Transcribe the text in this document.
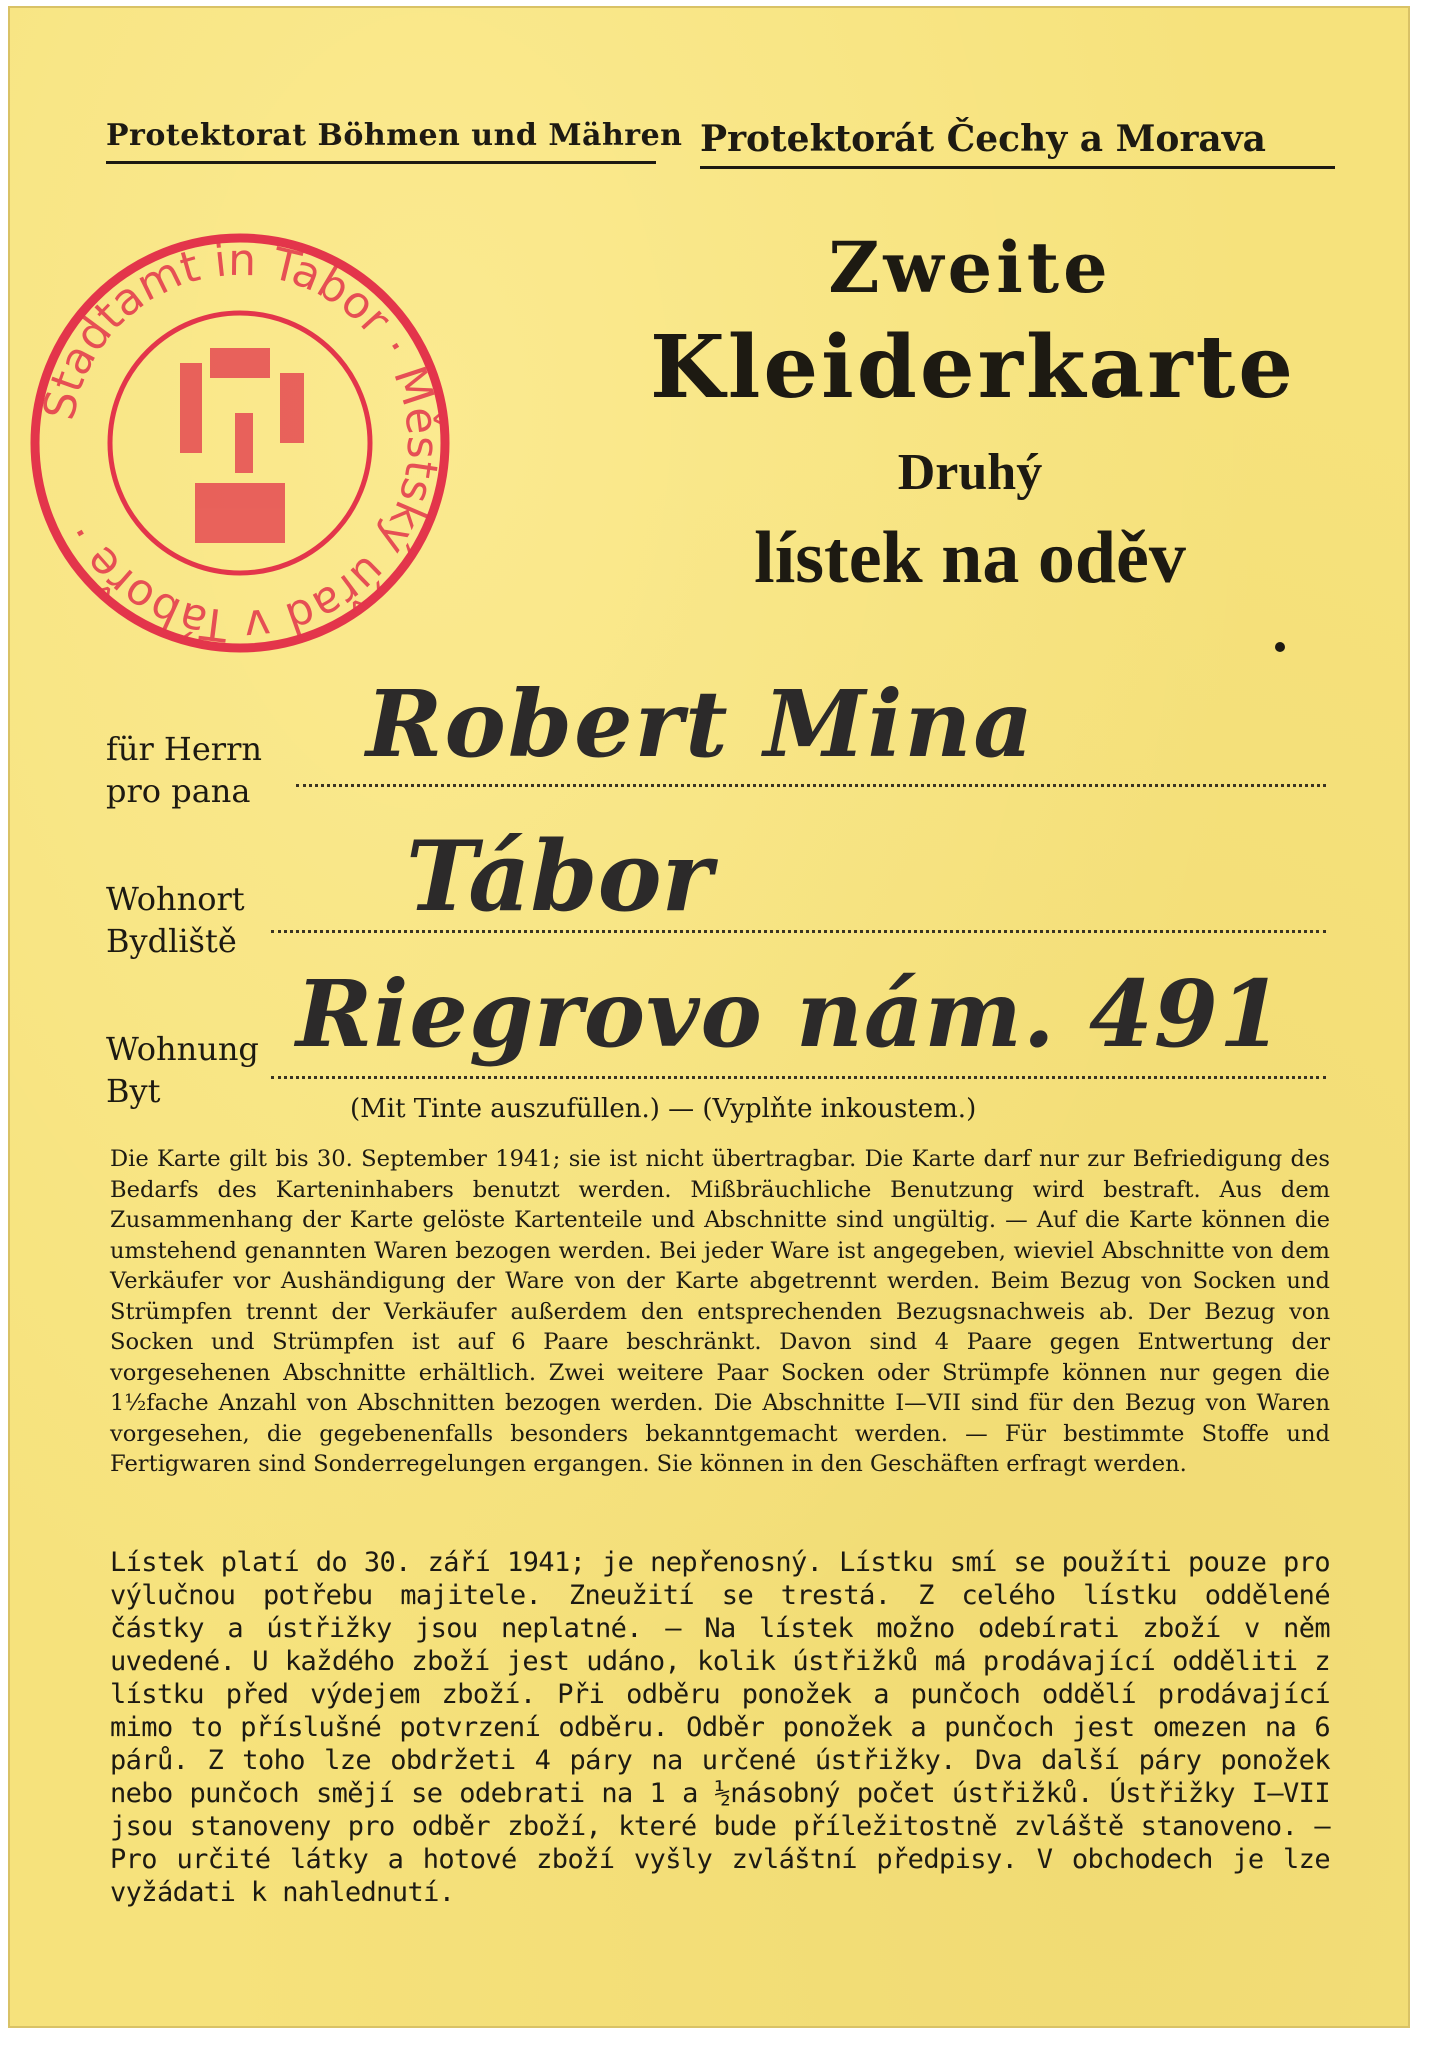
Protektorat Böhmen und Mähren Protektorát Čechy a Morava
Stadtamt in Tabor · Městský úřad v Táboře ·
Zweite
Kleiderkarte
Druhý
lístek na oděv
für Herrn
pro pana
Robert Mina
Wohnort
Bydliště
Tábor
Wohnung
Byt
Riegrovo nám. 491
(Mit Tinte auszufüllen.) — (Vyplňte inkoustem.)
Die Karte gilt bis 30. September 1941; sie ist nicht übertragbar. Die Karte darf nur zur Befriedigung des Bedarfs des Karteninhabers benutzt werden. Mißbräuchliche Benutzung wird bestraft. Aus dem Zusammenhang der Karte gelöste Kartenteile und Abschnitte sind ungültig. — Auf die Karte können die umstehend genannten Waren bezogen werden. Bei jeder Ware ist angegeben, wieviel Abschnitte von dem Verkäufer vor Aushändigung der Ware von der Karte abgetrennt werden. Beim Bezug von Socken und Strümpfen trennt der Verkäufer außerdem den entsprechenden Bezugsnachweis ab. Der Bezug von Socken und Strümpfen ist auf 6 Paare beschränkt. Davon sind 4 Paare gegen Entwertung der vorgesehenen Abschnitte erhältlich. Zwei weitere Paar Socken oder Strümpfe können nur gegen die 1½fache Anzahl von Abschnitten bezogen werden. Die Abschnitte I—VII sind für den Bezug von Waren vorgesehen, die gegebenenfalls besonders bekanntgemacht werden. — Für bestimmte Stoffe und Fertigwaren sind Sonderregelungen ergangen. Sie können in den Geschäften erfragt werden.
Lístek platí do 30. září 1941; je nepřenosný. Lístku smí se použíti pouze pro výlučnou potřebu majitele. Zneužití se trestá. Z celého lístku oddělené částky a ústřižky jsou neplatné. — Na lístek možno odebírati zboží v něm uvedené. U každého zboží jest udáno, kolik ústřižků má prodávající odděliti z lístku před výdejem zboží. Při odběru ponožek a punčoch oddělí prodávající mimo to příslušné potvrzení odběru. Odběr ponožek a punčoch jest omezen na 6 párů. Z toho lze obdržeti 4 páry na určené ústřižky. Dva další páry ponožek nebo punčoch smějí se odebrati na 1 a ½násobný počet ústřižků. Ústřižky I—VII jsou stanoveny pro odběr zboží, které bude příležitostně zvláště stanoveno. — Pro určité látky a hotové zboží vyšly zvláštní předpisy. V obchodech je lze vyžádati k nahlednutí.
